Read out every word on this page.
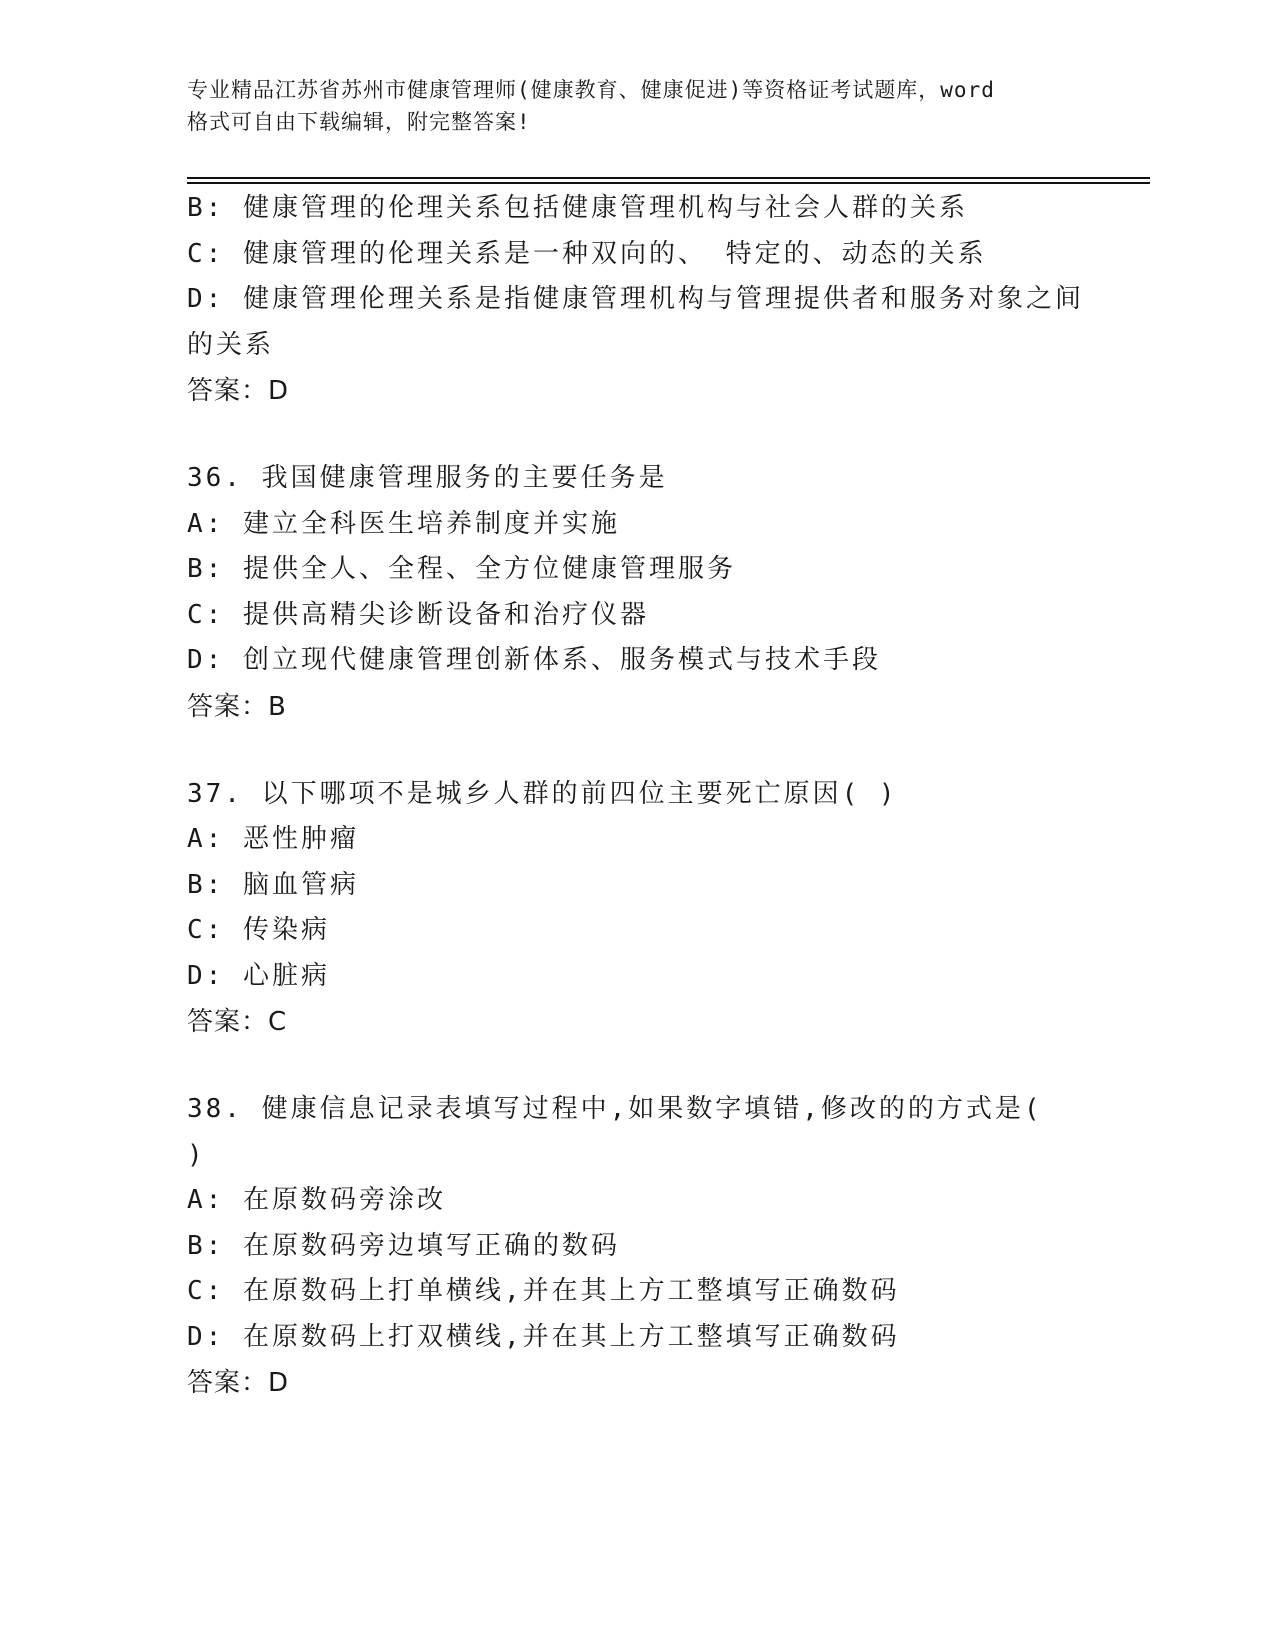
专业精品江苏省苏州市健康管理师(健康教育、健康促进)等资格证考试题库，word
格式可自由下载编辑，附完整答案!
B: 健康管理的伦理关系包括健康管理机构与社会人群的关系
C: 健康管理的伦理关系是一种双向的、 特定的、动态的关系
D: 健康管理伦理关系是指健康管理机构与管理提供者和服务对象之间
的关系
答案：D
36. 我国健康管理服务的主要任务是
A: 建立全科医生培养制度并实施
B: 提供全人、全程、全方位健康管理服务
C: 提供高精尖诊断设备和治疗仪器
D: 创立现代健康管理创新体系、服务模式与技术手段
答案：B
37. 以下哪项不是城乡人群的前四位主要死亡原因( )
A: 恶性肿瘤
B: 脑血管病
C: 传染病
D: 心脏病
答案：C
38. 健康信息记录表填写过程中,如果数字填错,修改的的方式是(
)
A: 在原数码旁涂改
B: 在原数码旁边填写正确的数码
C: 在原数码上打单横线,并在其上方工整填写正确数码
D: 在原数码上打双横线,并在其上方工整填写正确数码
答案：D
